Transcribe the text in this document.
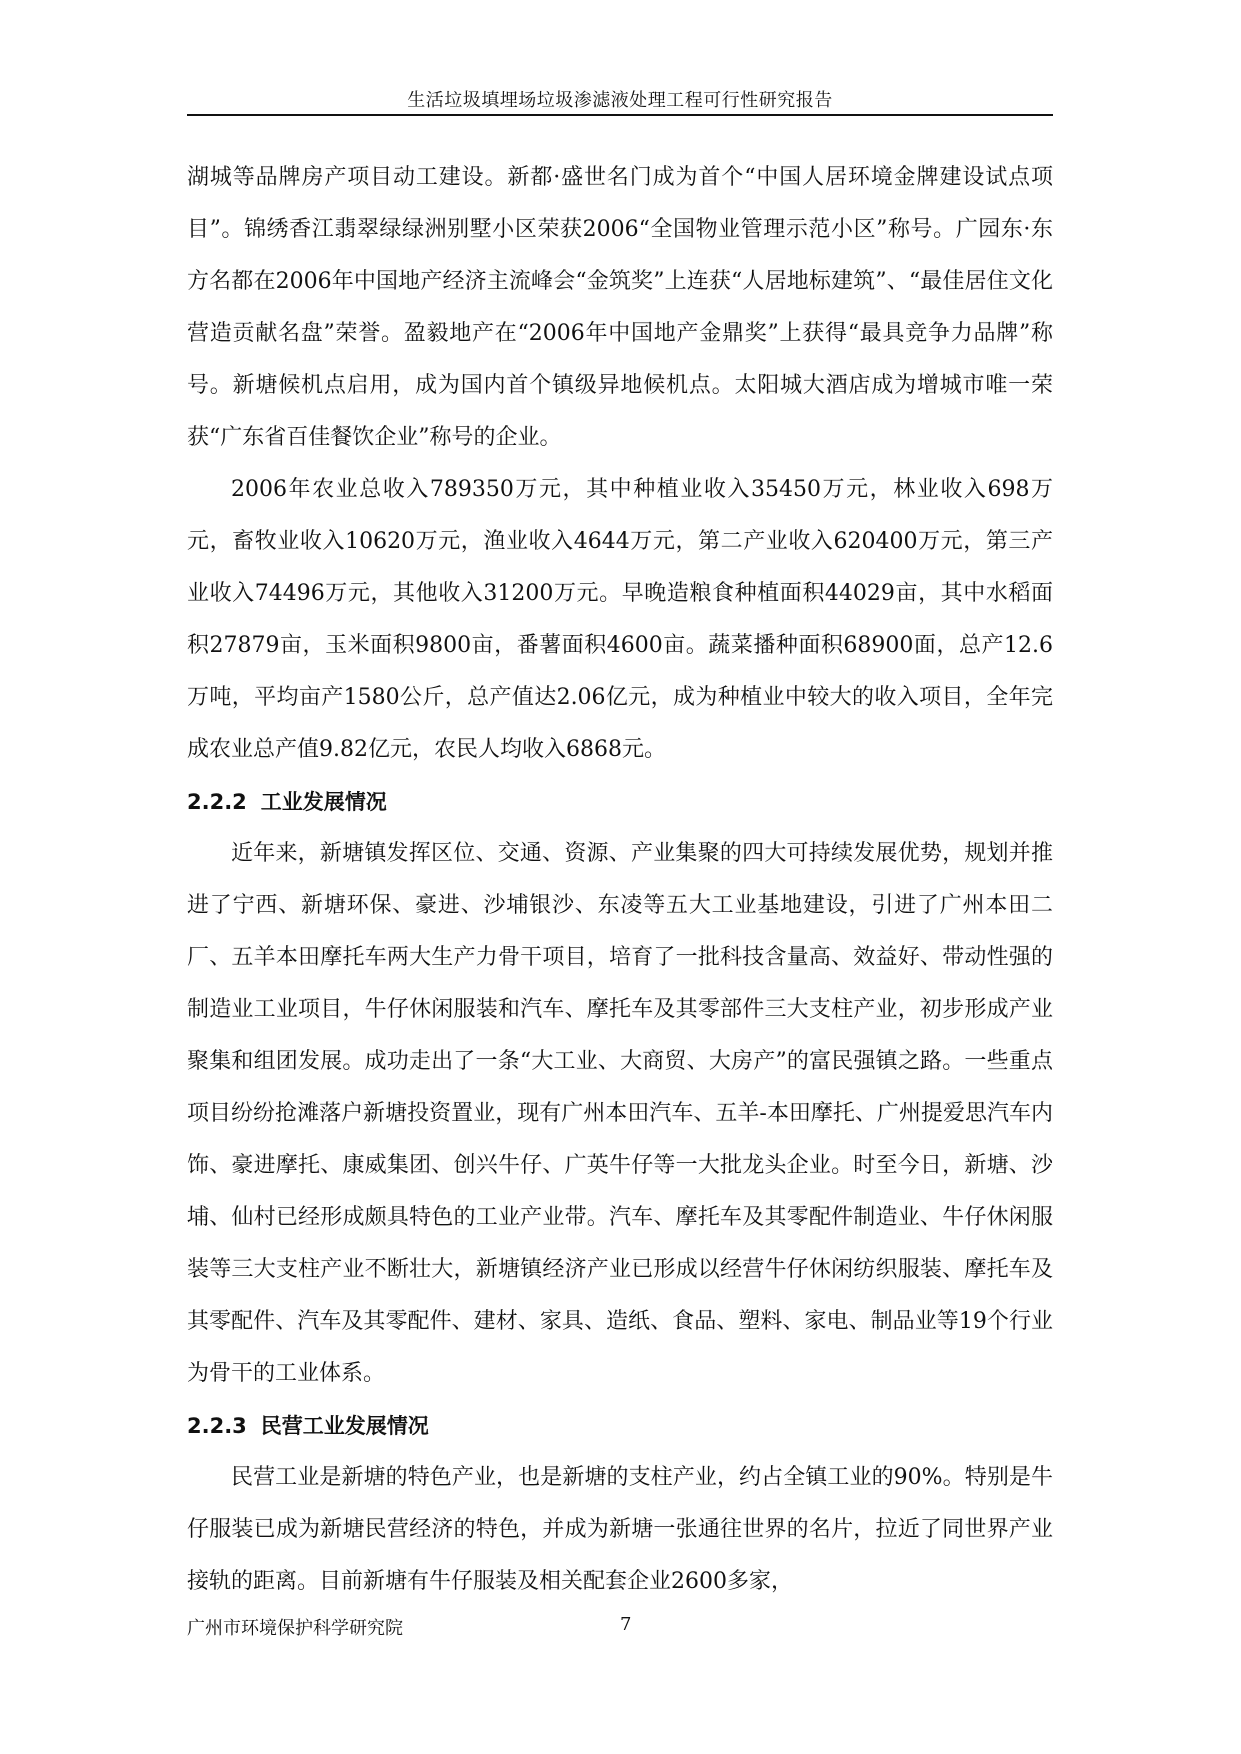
生活垃圾填埋场垃圾渗滤液处理工程可行性研究报告

湖城等品牌房产项目动工建设。新都·盛世名门成为首个“中国人居环境金牌建设试点项目”。锦绣香江翡翠绿绿洲别墅小区荣获2006“全国物业管理示范小区”称号。广园东·东方名都在2006年中国地产经济主流峰会“金筑奖”上连获“人居地标建筑”、“最佳居住文化营造贡献名盘”荣誉。盈毅地产在“2006年中国地产金鼎奖”上获得“最具竞争力品牌”称号。新塘候机点启用，成为国内首个镇级异地候机点。太阳城大酒店成为增城市唯一荣获“广东省百佳餐饮企业”称号的企业。

2006年农业总收入789350万元，其中种植业收入35450万元，林业收入698万元，畜牧业收入10620万元，渔业收入4644万元，第二产业收入620400万元，第三产业收入74496万元，其他收入31200万元。早晚造粮食种植面积44029亩，其中水稻面积27879亩，玉米面积9800亩，番薯面积4600亩。蔬菜播种面积68900面，总产12.6万吨，平均亩产1580公斤，总产值达2.06亿元，成为种植业中较大的收入项目，全年完成农业总产值9.82亿元，农民人均收入6868元。

2.2.2 工业发展情况

近年来，新塘镇发挥区位、交通、资源、产业集聚的四大可持续发展优势，规划并推进了宁西、新塘环保、豪进、沙埔银沙、东凌等五大工业基地建设，引进了广州本田二厂、五羊本田摩托车两大生产力骨干项目，培育了一批科技含量高、效益好、带动性强的制造业工业项目，牛仔休闲服装和汽车、摩托车及其零部件三大支柱产业，初步形成产业聚集和组团发展。成功走出了一条“大工业、大商贸、大房产”的富民强镇之路。一些重点项目纷纷抢滩落户新塘投资置业，现有广州本田汽车、五羊-本田摩托、广州提爱思汽车内饰、豪进摩托、康威集团、创兴牛仔、广英牛仔等一大批龙头企业。时至今日，新塘、沙埔、仙村已经形成颇具特色的工业产业带。汽车、摩托车及其零配件制造业、牛仔休闲服装等三大支柱产业不断壮大，新塘镇经济产业已形成以经营牛仔休闲纺织服装、摩托车及其零配件、汽车及其零配件、建材、家具、造纸、食品、塑料、家电、制品业等19个行业为骨干的工业体系。

2.2.3 民营工业发展情况

民营工业是新塘的特色产业，也是新塘的支柱产业，约占全镇工业的90%。特别是牛仔服装已成为新塘民营经济的特色，并成为新塘一张通往世界的名片，拉近了同世界产业接轨的距离。目前新塘有牛仔服装及相关配套企业2600多家，

广州市环境保护科学研究院	7
